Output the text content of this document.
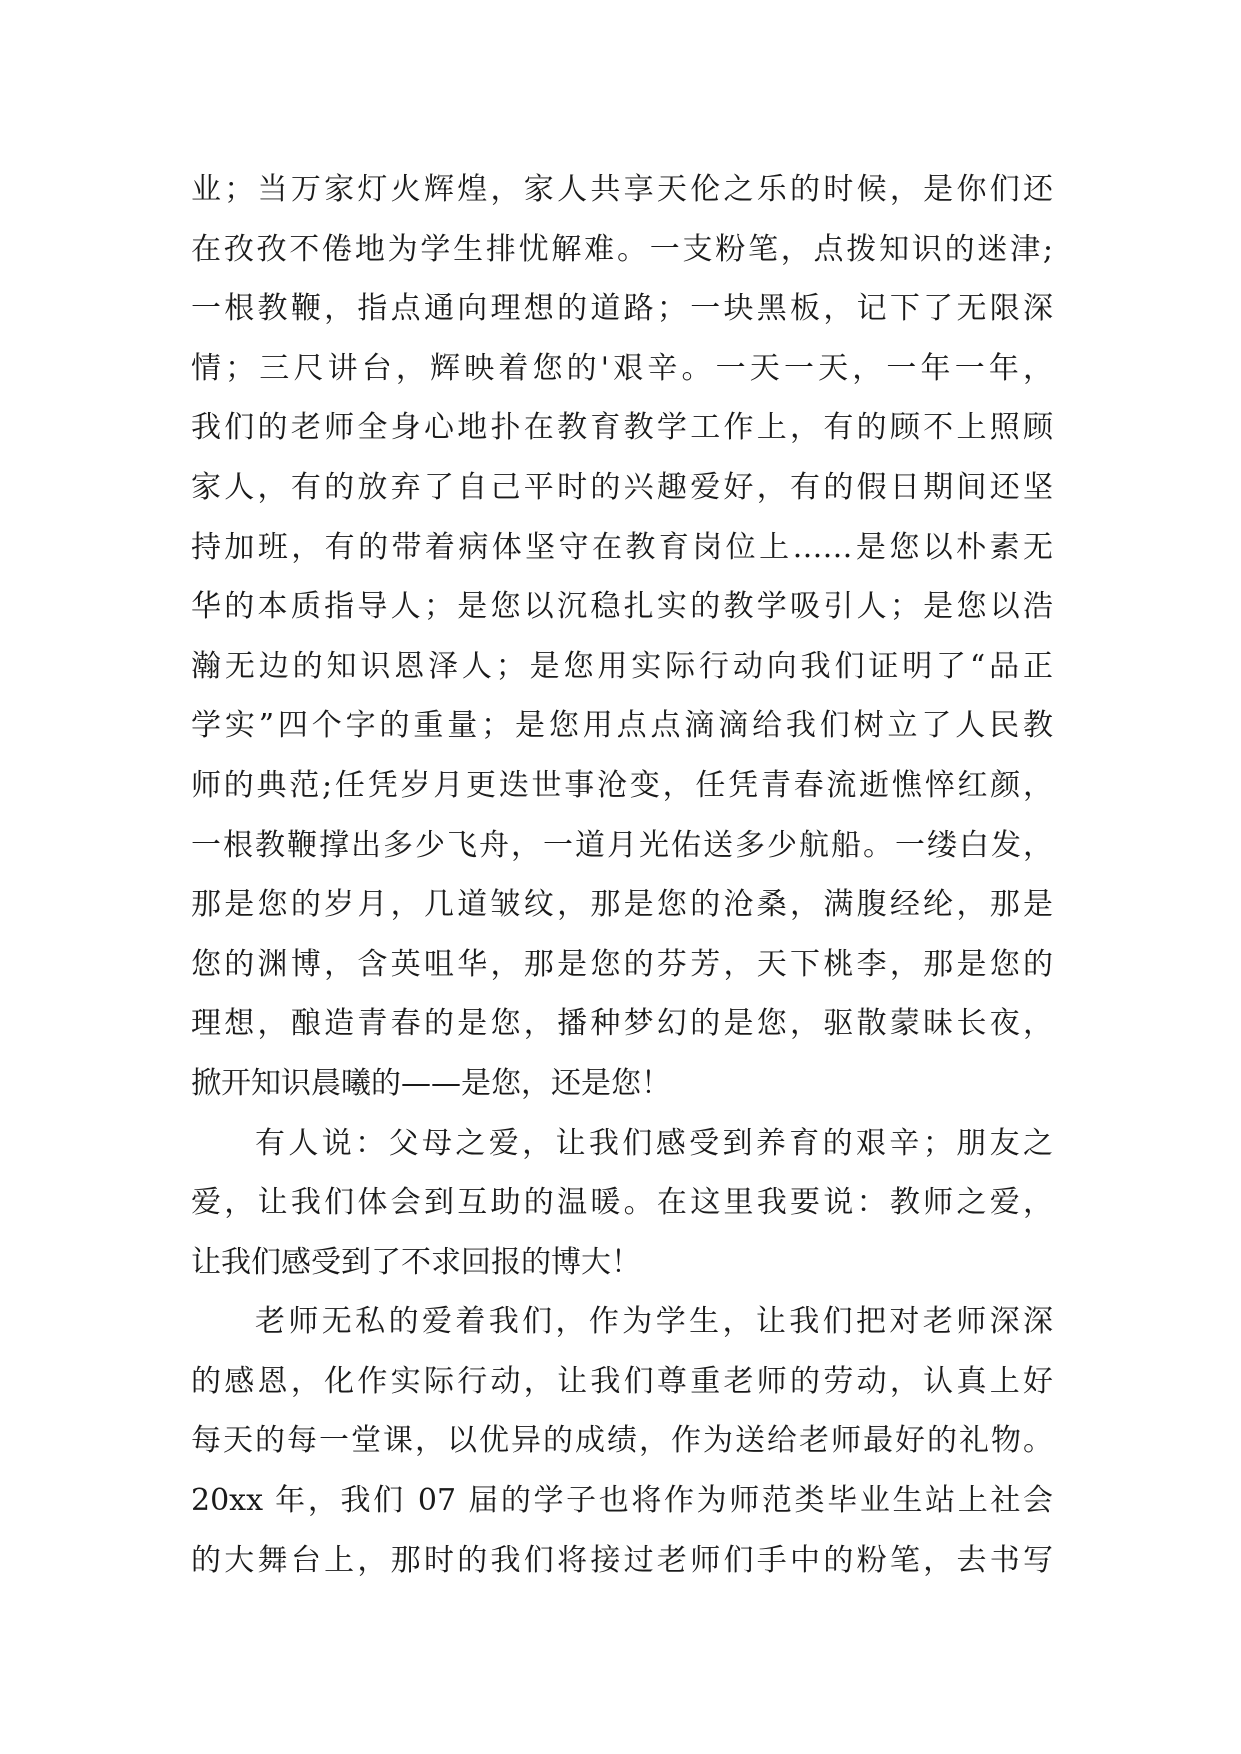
业；当万家灯火辉煌，家人共享天伦之乐的时候，是你们还
在孜孜不倦地为学生排忧解难。一支粉笔，点拨知识的迷津;
一根教鞭，指点通向理想的道路；一块黑板，记下了无限深
情；三尺讲台，辉映着您的'艰辛。一天一天，一年一年，
我们的老师全身心地扑在教育教学工作上，有的顾不上照顾
家人，有的放弃了自己平时的兴趣爱好，有的假日期间还坚
持加班，有的带着病体坚守在教育岗位上……是您以朴素无
华的本质指导人；是您以沉稳扎实的教学吸引人；是您以浩
瀚无边的知识恩泽人；是您用实际行动向我们证明了“品正
学实”四个字的重量；是您用点点滴滴给我们树立了人民教
师的典范;任凭岁月更迭世事沧变，任凭青春流逝憔悴红颜，
一根教鞭撑出多少飞舟，一道月光佑送多少航船。一缕白发，
那是您的岁月，几道皱纹，那是您的沧桑，满腹经纶，那是
您的渊博，含英咀华，那是您的芬芳，天下桃李，那是您的
理想，酿造青春的是您，播种梦幻的是您，驱散蒙昧长夜，
掀开知识晨曦的——是您，还是您！
有人说：父母之爱，让我们感受到养育的艰辛；朋友之
爱，让我们体会到互助的温暖。在这里我要说：教师之爱，
让我们感受到了不求回报的博大！
老师无私的爱着我们，作为学生，让我们把对老师深深
的感恩，化作实际行动，让我们尊重老师的劳动，认真上好
每天的每一堂课，以优异的成绩，作为送给老师最好的礼物。
20xx 年，我们 07 届的学子也将作为师范类毕业生站上社会
的大舞台上，那时的我们将接过老师们手中的粉笔，去书写
